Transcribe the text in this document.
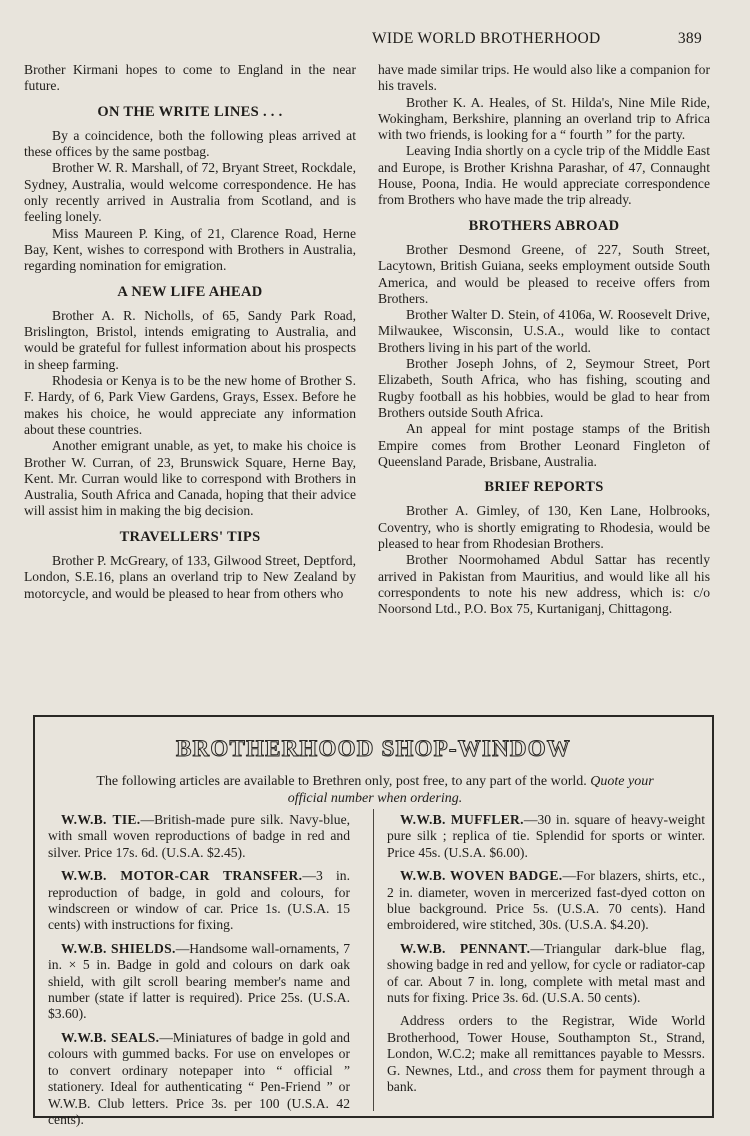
WIDE WORLD BROTHERHOOD	389

Brother Kirmani hopes to come to England in the near future.

ON THE WRITE LINES . . .

By a coincidence, both the following pleas arrived at these offices by the same postbag.

Brother W. R. Marshall, of 72, Bryant Street, Rockdale, Sydney, Australia, would welcome correspondence. He has only recently arrived in Australia from Scotland, and is feeling lonely.

Miss Maureen P. King, of 21, Clarence Road, Herne Bay, Kent, wishes to correspond with Brothers in Australia, regarding nomination for emigration.

A NEW LIFE AHEAD

Brother A. R. Nicholls, of 65, Sandy Park Road, Brislington, Bristol, intends emigrating to Australia, and would be grateful for fullest information about his prospects in sheep farming.

Rhodesia or Kenya is to be the new home of Brother S. F. Hardy, of 6, Park View Gardens, Grays, Essex. Before he makes his choice, he would appreciate any information about these countries.

Another emigrant unable, as yet, to make his choice is Brother W. Curran, of 23, Brunswick Square, Herne Bay, Kent. Mr. Curran would like to correspond with Brothers in Australia, South Africa and Canada, hoping that their advice will assist him in making the big decision.

TRAVELLERS' TIPS

Brother P. McGreary, of 133, Gilwood Street, Deptford, London, S.E.16, plans an overland trip to New Zealand by motorcycle, and would be pleased to hear from others who

have made similar trips. He would also like a companion for his travels.

Brother K. A. Heales, of St. Hilda's, Nine Mile Ride, Wokingham, Berkshire, planning an overland trip to Africa with two friends, is looking for a “ fourth ” for the party.

Leaving India shortly on a cycle trip of the Middle East and Europe, is Brother Krishna Parashar, of 47, Connaught House, Poona, India. He would appreciate correspondence from Brothers who have made the trip already.

BROTHERS ABROAD

Brother Desmond Greene, of 227, South Street, Lacytown, British Guiana, seeks employment outside South America, and would be pleased to receive offers from Brothers.

Brother Walter D. Stein, of 4106a, W. Roosevelt Drive, Milwaukee, Wisconsin, U.S.A., would like to contact Brothers living in his part of the world.

Brother Joseph Johns, of 2, Seymour Street, Port Elizabeth, South Africa, who has fishing, scouting and Rugby football as his hobbies, would be glad to hear from Brothers outside South Africa.

An appeal for mint postage stamps of the British Empire comes from Brother Leonard Fingleton of Queensland Parade, Brisbane, Australia.

BRIEF REPORTS

Brother A. Gimley, of 130, Ken Lane, Holbrooks, Coventry, who is shortly emigrating to Rhodesia, would be pleased to hear from Rhodesian Brothers.

Brother Noormohamed Abdul Sattar has recently arrived in Pakistan from Mauritius, and would like all his correspondents to note his new address, which is: c/o Noorsond Ltd., P.O. Box 75, Kurtaniganj, Chittagong.

BROTHERHOOD SHOP-WINDOW
The following articles are available to Brethren only, post free, to any part of the world. Quote your official number when ordering.

W.W.B. TIE.—British-made pure silk. Navy-blue, with small woven reproductions of badge in red and silver. Price 17s. 6d. (U.S.A. $2.45).

W.W.B. MOTOR-CAR TRANSFER.—3 in. reproduction of badge, in gold and colours, for windscreen or window of car. Price 1s. (U.S.A. 15 cents) with instructions for fixing.

W.W.B. SHIELDS.—Handsome wall-ornaments, 7 in. × 5 in. Badge in gold and colours on dark oak shield, with gilt scroll bearing member's name and number (state if latter is required). Price 25s. (U.S.A. $3.60).

W.W.B. SEALS.—Miniatures of badge in gold and colours with gummed backs. For use on envelopes or to convert ordinary notepaper into “ official ” stationery. Ideal for authenticating “ Pen-Friend ” or W.W.B. Club letters. Price 3s. per 100 (U.S.A. 42 cents).

W.W.B. MUFFLER.—30 in. square of heavy-weight pure silk ; replica of tie. Splendid for sports or winter. Price 45s. (U.S.A. $6.00).

W.W.B. WOVEN BADGE.—For blazers, shirts, etc., 2 in. diameter, woven in mercerized fast-dyed cotton on blue background. Price 5s. (U.S.A. 70 cents). Hand embroidered, wire stitched, 30s. (U.S.A. $4.20).

W.W.B. PENNANT.—Triangular dark-blue flag, showing badge in red and yellow, for cycle or radiator-cap of car. About 7 in. long, complete with metal mast and nuts for fixing. Price 3s. 6d. (U.S.A. 50 cents).

Address orders to the Registrar, Wide World Brotherhood, Tower House, Southampton St., Strand, London, W.C.2; make all remittances payable to Messrs. G. Newnes, Ltd., and cross them for payment through a bank.
